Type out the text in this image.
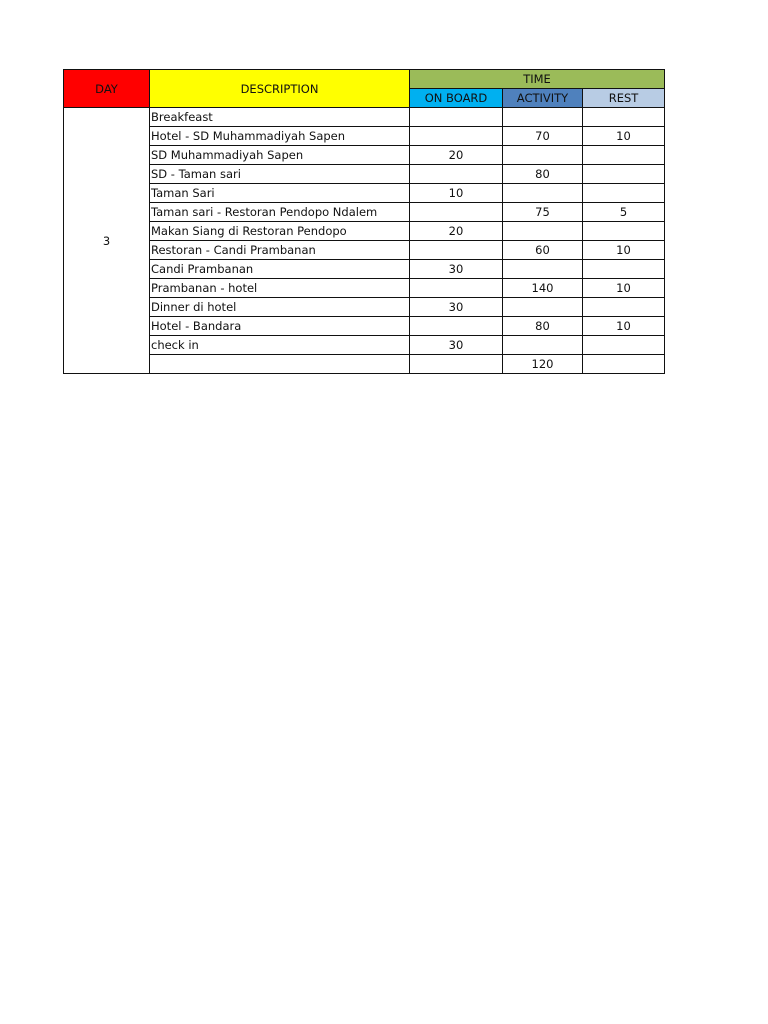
DAY	DESCRIPTION	TIME		
		ON BOARD	ACTIVITY	REST
3	Breakfeast			
	Hotel - SD Muhammadiyah Sapen		70	10
	SD Muhammadiyah Sapen	20		
	SD - Taman sari		80	
	Taman Sari	10		
	Taman sari - Restoran Pendopo Ndalem		75	5
	Makan Siang di Restoran Pendopo	20		
	Restoran - Candi Prambanan		60	10
	Candi Prambanan	30		
	Prambanan - hotel		140	10
	Dinner di hotel	30		
	Hotel - Bandara		80	10
	check in	30		
			120	
